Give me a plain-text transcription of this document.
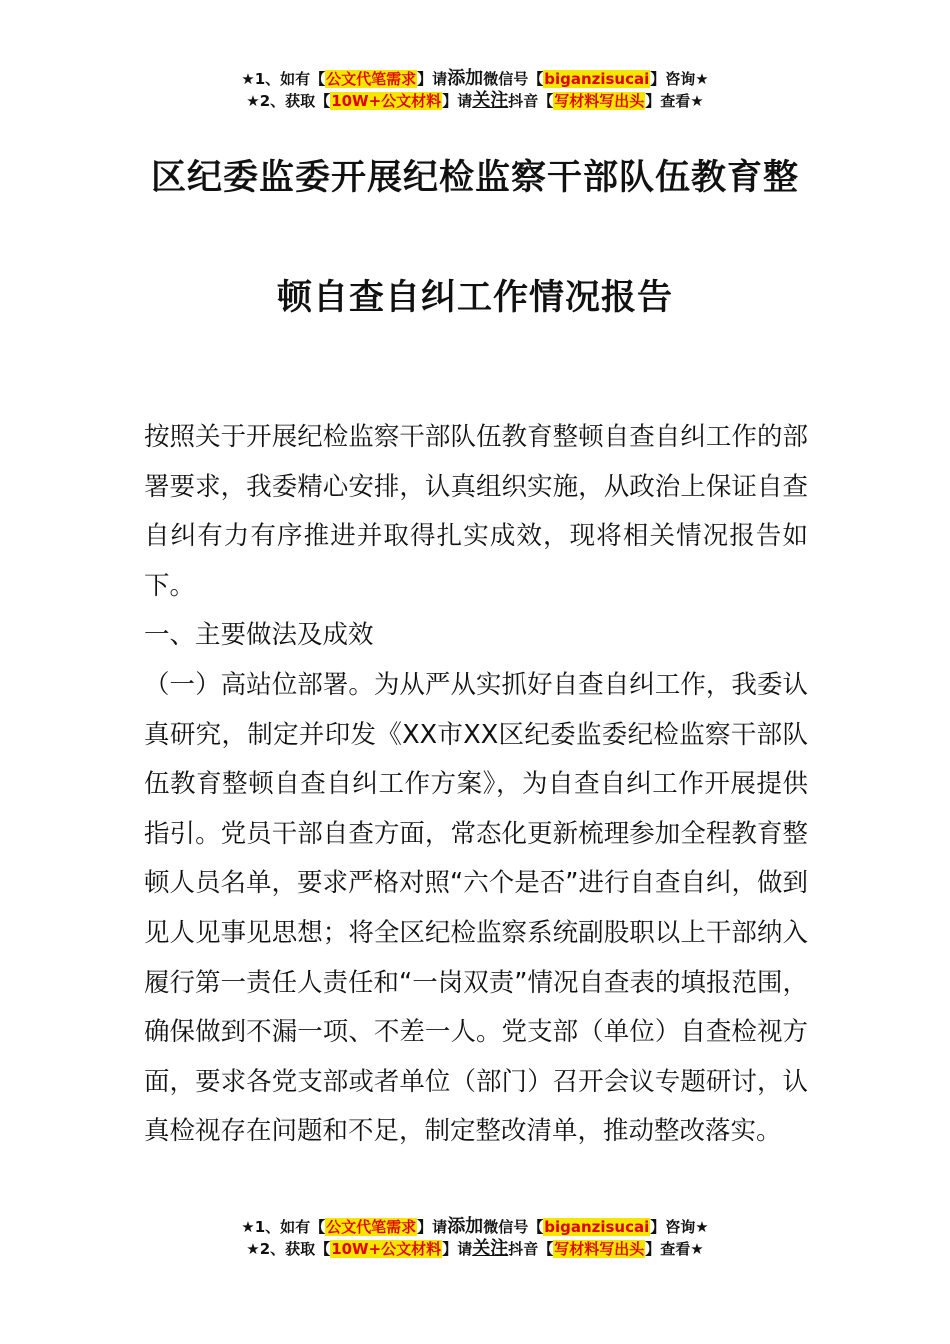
★1、如有【公文代笔需求】请添加微信号【biganzisucai】咨询★
★2、获取【10W+公文材料】请关注抖音【写材料写出头】查看★
区纪委监委开展纪检监察干部队伍教育整
顿自查自纠工作情况报告

按照关于开展纪检监察干部队伍教育整顿自查自纠工作的部署要求，我委精心安排，认真组织实施，从政治上保证自查自纠有力有序推进并取得扎实成效，现将相关情况报告如下。

一、主要做法及成效

（一）高站位部署。为从严从实抓好自查自纠工作，我委认真研究，制定并印发《XX市XX区纪委监委纪检监察干部队伍教育整顿自查自纠工作方案》，为自查自纠工作开展提供指引。党员干部自查方面，常态化更新梳理参加全程教育整顿人员名单，要求严格对照“六个是否”进行自查自纠，做到见人见事见思想；将全区纪检监察系统副股职以上干部纳入履行第一责任人责任和“一岗双责”情况自查表的填报范围，确保做到不漏一项、不差一人。党支部（单位）自查检视方面，要求各党支部或者单位（部门）召开会议专题研讨，认真检视存在问题和不足，制定整改清单，推动整改落实。

★1、如有【公文代笔需求】请添加微信号【biganzisucai】咨询★
★2、获取【10W+公文材料】请关注抖音【写材料写出头】查看★
